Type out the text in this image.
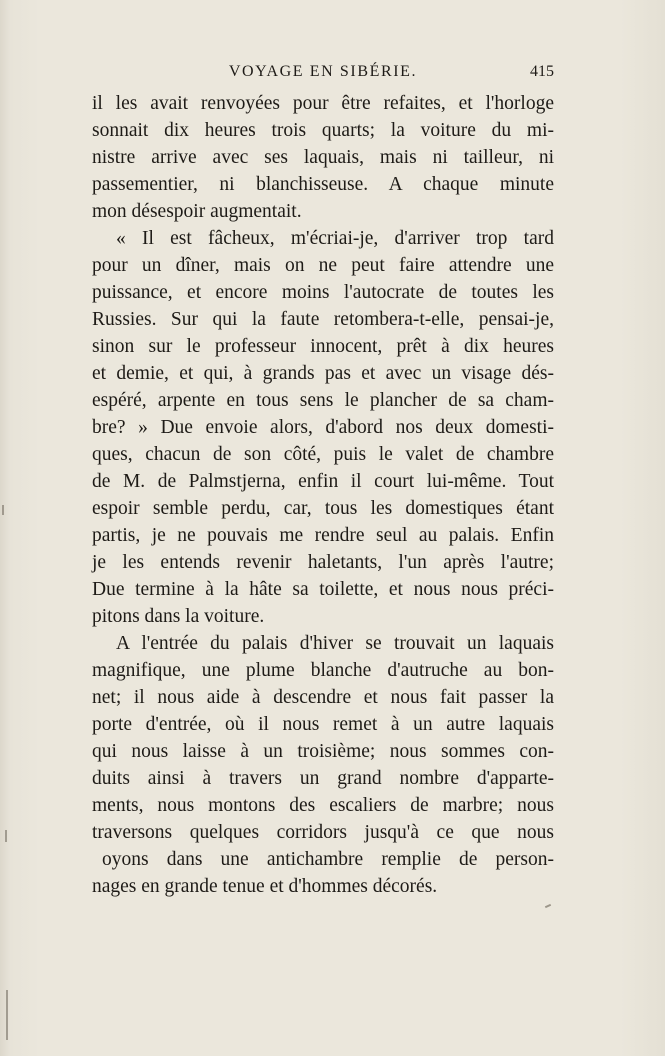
VOYAGE EN SIBÉRIE.	415
il les avait renvoyées pour être refaites, et l'horloge
sonnait dix heures trois quarts; la voiture du mi-
nistre arrive avec ses laquais, mais ni tailleur, ni
passementier, ni blanchisseuse. A chaque minute
mon désespoir augmentait.
« Il est fâcheux, m'écriai-je, d'arriver trop tard
pour un dîner, mais on ne peut faire attendre une
puissance, et encore moins l'autocrate de toutes les
Russies. Sur qui la faute retombera-t-elle, pensai-je,
sinon sur le professeur innocent, prêt à dix heures
et demie, et qui, à grands pas et avec un visage dés-
espéré, arpente en tous sens le plancher de sa cham-
bre? » Due envoie alors, d'abord nos deux domesti-
ques, chacun de son côté, puis le valet de chambre
de M. de Palmstjerna, enfin il court lui-même. Tout
espoir semble perdu, car, tous les domestiques étant
partis, je ne pouvais me rendre seul au palais. Enfin
je les entends revenir haletants, l'un après l'autre;
Due termine à la hâte sa toilette, et nous nous préci-
pitons dans la voiture.
A l'entrée du palais d'hiver se trouvait un laquais
magnifique, une plume blanche d'autruche au bon-
net; il nous aide à descendre et nous fait passer la
porte d'entrée, où il nous remet à un autre laquais
qui nous laisse à un troisième; nous sommes con-
duits ainsi à travers un grand nombre d'apparte-
ments, nous montons des escaliers de marbre; nous
traversons quelques corridors jusqu'à ce que nous
oyons dans une antichambre remplie de person-
nages en grande tenue et d'hommes décorés.
